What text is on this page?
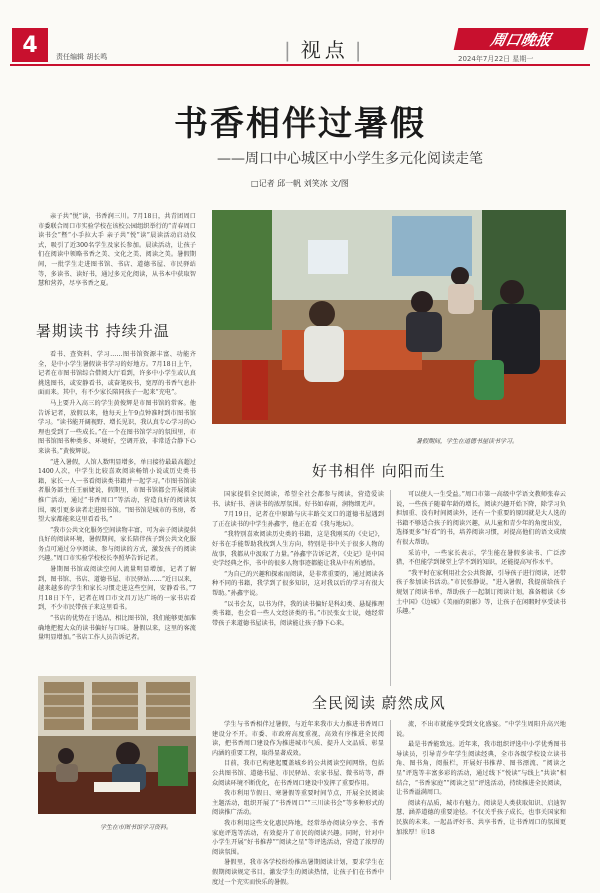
4	责任编辑 胡长鸣	| 视点 |	周口晚报
2024年7月22日 星期一
书香相伴过暑假
——周口中心城区中小学生多元化阅读走笔
□记者 邱一帆 刘笑冰 文/图

亲子共“悦”读，书香润三川。7月18日，共青团周口市委联合周口市实验学校在该校公园组织举行的“青春周口读书会”暨“小手拉大手 亲子共“悦”读”晨读活动启动仪式，吸引了近300名学生及家长参加。晨读活动，让孩子们在阅读中领略书香之美、文化之美、阅读之美。暑假期间，一批学生走进图书馆、书店、道德书屋、市民驿站等，多读书、读好书，通过多元化阅读，从书本中获取智慧和营养，尽享书香之夏。

暑期读书 持续升温

看书、查资料、学习……图书馆资源丰富、功能齐全，是中小学生暑假读书学习的好地方。7月18日上午，记者在市图书馆综合借阅大厅看到，许多中小学生或认真挑选图书，或安静看书，或奋笔疾书，宽厚的书香气息扑面而来。其中，有不少家长陪同孩子一起来“充电”。

马上要升入高三的学生黄俊辉是市图书馆的常客。他告诉记者，放假以来，他每天上午9点钟准时到市图书馆学习。“读书能开阔视野、增长见识，我认真专心学习的心理也受到了一些成长。”在一个在图书馆学习的氛围里，市图书馆图书种类多、环境好，空调开放，非常适合静下心来读书。”黄俊辉说。

“进入暑假，人馆人数明显增多，单日接待最最高超过1400人次，中学生比较喜欢阅读畅销小说或历史类书籍，家长一人一书看阅读类书籍并一起学习。”市图书馆读者服务部主任王丽婕说，假期里，市图书馆都会开展阅读推广活动，通过“书香周口”等活动，营造良好的阅读氛围，吸引更多读者走进图书馆。“图书馆是城市的书房，希望大家都能来这里看看书。”

“我市公共文化服务空间读物丰富，可为亲子阅读提供良好的阅读环境，暑假期间，家长陪伴孩子到公共文化服务点可通过分享阅读、参与阅读的方式，激发孩子的阅读兴趣。”周口市实验学校校长李照华告诉记者。

暑期图书馆或阅读空间人流量明显增加，记者了解到，图书馆、书店、道德书屋、市民驿站……“近日以来，越来越多的学生和家长习惯走进这些空间，安静看书。”7月18日下午，记者在周口市文昌万达广场的一家书店看到，不少市民带孩子来这里看书。

“书店的优势在于选品，相比图书馆，我们能够更加准确地把握大众的读书偏好与口味。暑假以来，这里的客流量明显增加。”书店工作人员告诉记者。

学生在市图书馆学习资料。
暑假期间，学生在道德书屋读书学习。
好书相伴 向阳而生

国家提倡全民阅读，希望全社会都参与阅读，营造爱读书、读好书、善读书的浓厚氛围。好书如春雨，润物细无声。

7月19日，记者在中原路与庆丰路交叉口的道德书屋遇到了正在读书的中学生孙鑫宇，他正在看《我与地坛》。

“我特别喜欢阅读历史类的书籍，这是我刚买的《史记》，好书在手能帮助我找到人生方向，特别是书中关于很多人物的故事，我都从中汲取了力量。”孙鑫宇告诉记者，《史记》是中国史学经典之作，书中的很多人物事迹都能让我从中有所感悟。

“为自己的兴趣和探索而阅读，是非常重要的，通过阅读各种不同的书籍，我学到了很多知识，这对我以后的学习有很大帮助。”孙鑫宇说。

“以书会友，以书为伴，我的读书偏好是科幻类、悬疑推理类书籍，也会看一些人文经济类的书。”市民张女士说，她经常带孩子来道德书屋读书，阅读能让孩子静下心来。

可以使人一生受益。”周口市第一高级中学语文教师张春云说，一些孩子随着年龄的增长，阅读兴趣开始下降，除学习负担加重、没有时间阅读外，还有一个重要的原因就是大人选的书籍不够适合孩子的阅读兴趣，从儿童和青少年的角度出发，选择更多“好看”的书，培养阅读习惯，对提高他们的语文成绩有很大帮助。

采访中，一些家长表示，学生能在暑假多读书、广泛涉猎，不但能学到课堂上学不到的知识，还能提高写作水平。

“我平时在家利用社会公共资源，引导孩子进行阅读，还带孩子参加读书活动。”市民张静说，“进入暑假，我提前给孩子规划了阅读书单，帮助孩子一起制订阅读计划，准备精读《乡土中国》《边城》《美丽的阴影》等，让孩子在闲暇时享受读书乐趣。”

全民阅读 蔚然成风

学生与书香相伴过暑假，与近年来我市大力推进书香周口建设分不开。市委、市政府高度重视，高效有序推进全民阅读，把书香周口建设作为推进城市气质、提升人文品质、彰显内涵的重要工程，取得显著成效。

目前，我市已构建起覆盖城乡的公共阅读空间网络，包括公共图书馆、道德书屋、市民驿站、农家书屋、微书坊等，群众阅读环境不断优化，在书香周口建设中发挥了重要作用。

我市利用节假日、寒暑假等重要时间节点，开展全民阅读主题活动，组织开展了“书香周口”“三川读书会”等多种形式的阅读推广活动。

我市利用这些文化惠民阵地，经常举办阅读分享会、书香家庭评选等活动，有效提升了市民的阅读兴趣。同时，针对中小学生开展“好书推荐”“阅读之星”等评选活动，营造了浓厚的阅读氛围。

暑假里，我市各学校纷纷推出暑期阅读计划，要求学生在假期阅读规定书目，激发学生的阅读热情，让孩子们在书香中度过一个充实而快乐的暑假。

流，不出市就能享受到文化盛宴。“中学生周阳升高兴地说。

最是书香能致远。近年来，我市组织评选中小学优秀图书导读员，引导青少年学生阅读经典，全市各级学校设立读书角、图书角，阅报栏，开展好书推荐、图书漂流、“阅读之星”评选等丰富多彩的活动，通过线下“悦读”与线上“共读”相结合，“书香家庭”“阅读之星”评选活动，持续推进全民阅读，让书香溢满周口。

阅读有品质，城市有魅力。阅读是人类获取知识、启迪智慧、涵养道德的重要途径。不仅关乎孩子成长，也事关国家和民族的未来。一起品评好书、共享书香，让书香周口的氛围更加浓厚！⑪18
